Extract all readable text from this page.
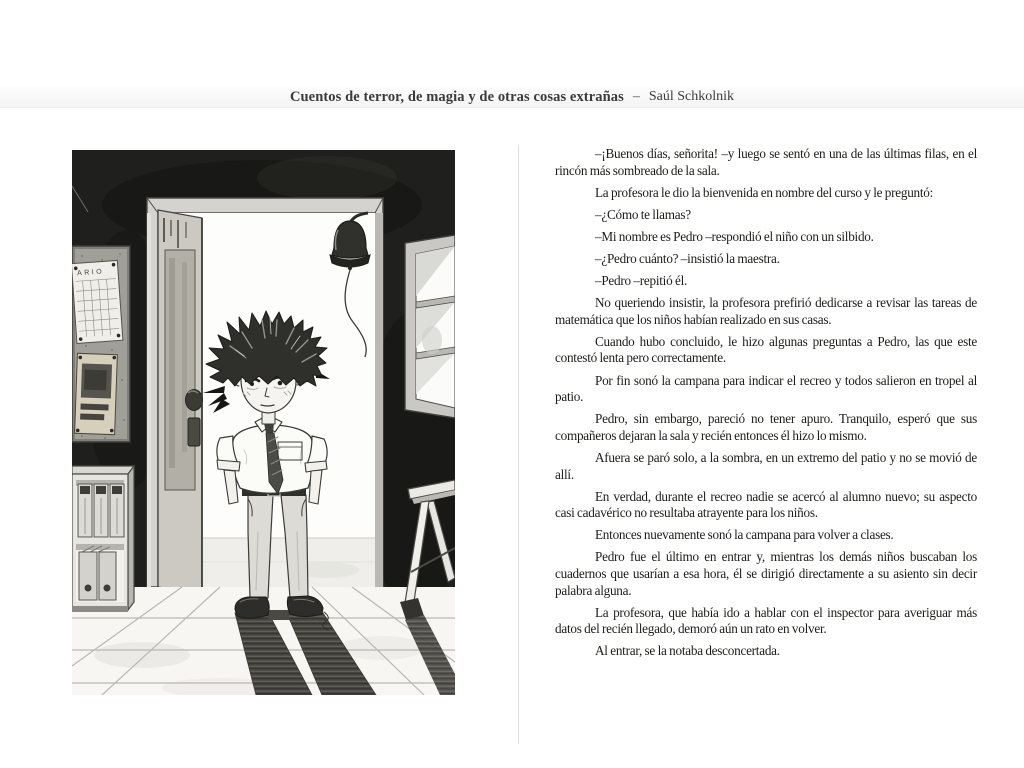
Cuentos de terror, de magia y de otras cosas extrañas – Saúl Schkolnik
ARIO

–¡Buenos días, señorita! –y luego se sentó en una de las últimas filas, en el rincón más sombreado de la sala.

La profesora le dio la bienvenida en nombre del curso y le preguntó:

–¿Cómo te llamas?

–Mi nombre es Pedro –respondió el niño con un silbido.

–¿Pedro cuánto? –insistió la maestra.

–Pedro –repitió él.

No queriendo insistir, la profesora prefirió dedicarse a revisar las tareas de matemática que los niños habían realizado en sus casas.

Cuando hubo concluido, le hizo algunas preguntas a Pedro, las que este contestó lenta pero correctamente.

Por fin sonó la campana para indicar el recreo y todos salieron en tropel al patio.

Pedro, sin embargo, pareció no tener apuro. Tranquilo, esperó que sus compañeros dejaran la sala y recién entonces él hizo lo mismo.

Afuera se paró solo, a la sombra, en un extremo del patio y no se movió de allí.

En verdad, durante el recreo nadie se acercó al alumno nuevo; su aspecto casi cadavérico no resultaba atrayente para los niños.

Entonces nuevamente sonó la campana para volver a clases.

Pedro fue el último en entrar y, mientras los demás niños buscaban los cuadernos que usarían a esa hora, él se dirigió directamente a su asiento sin decir palabra alguna.

La profesora, que había ido a hablar con el inspector para averiguar más datos del recién llegado, demoró aún un rato en volver.

Al entrar, se la notaba desconcertada.
